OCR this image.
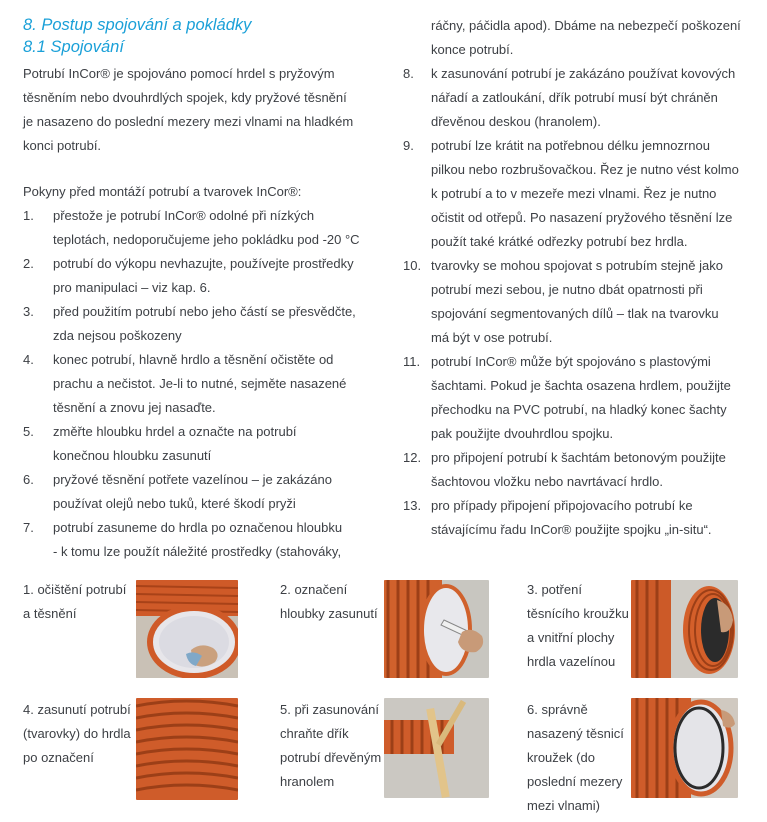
8. Postup spojování a pokládky
8.1 Spojování

Potrubí InCor® je spojováno pomocí hrdel s pryžovým

těsněním nebo dvouhrdlých spojek, kdy pryžové těsnění

je nasazeno do poslední mezery mezi vlnami na hladkém

konci potrubí.

Pokyny před montáží potrubí a tvarovek InCor®:

1. přestože je potrubí InCor® odolné při nízkých
teplotách, nedoporučujeme jeho pokládku pod -20 °C
2. potrubí do výkopu nevhazujte, používejte prostředky
pro manipulaci – viz kap. 6.
3. před použitím potrubí nebo jeho částí se přesvědčte,
zda nejsou poškozeny
4. konec potrubí, hlavně hrdlo a těsnění očistěte od
prachu a nečistot. Je-li to nutné, sejměte nasazené
těsnění a znovu jej nasaďte.
5. změřte hloubku hrdel a označte na potrubí
konečnou hloubku zasunutí
6. pryžové těsnění potřete vazelínou – je zakázáno
používat olejů nebo tuků, které škodí pryži
7. potrubí zasuneme do hrdla po označenou hloubku
- k tomu lze použít náležité prostředky (stahováky,
ráčny, páčidla apod). Dbáme na nebezpečí poškození
konce potrubí.
8. k zasunování potrubí je zakázáno používat kovových
nářadí a zatloukání, dřík potrubí musí být chráněn
dřevěnou deskou (hranolem).
9. potrubí lze krátit na potřebnou délku jemnozrnou
pilkou nebo rozbrušovačkou. Řez je nutno vést kolmo
k potrubí a to v mezeře mezi vlnami. Řez je nutno
očistit od otřepů. Po nasazení pryžového těsnění lze
použít také krátké odřezky potrubí bez hrdla.
10. tvarovky se mohou spojovat s potrubím stejně jako
potrubí mezi sebou, je nutno dbát opatrnosti při
spojování segmentovaných dílů – tlak na tvarovku
má být v ose potrubí.
11. potrubí InCor® může být spojováno s plastovými
šachtami. Pokud je šachta osazena hrdlem, použijte
přechodku na PVC potrubí, na hladký konec šachty
pak použijte dvouhrdlou spojku.
12. pro připojení potrubí k šachtám betonovým použijte
šachtovou vložku nebo navrtávací hrdlo.
13. pro případy připojení připojovacího potrubí ke
stávajícímu řadu InCor® použijte spojku „in-situ“.
1. očištění potrubí
a těsnění
2. označení
hloubky zasunutí
3. potření
těsnícího kroužku
a vnitřní plochy
hrdla vazelínou
4. zasunutí potrubí
(tvarovky) do hrdla
po označení
5. při zasunování
chraňte dřík
potrubí dřevěným
hranolem
6. správně
nasazený těsnicí
kroužek (do
poslední mezery
mezi vlnami)
